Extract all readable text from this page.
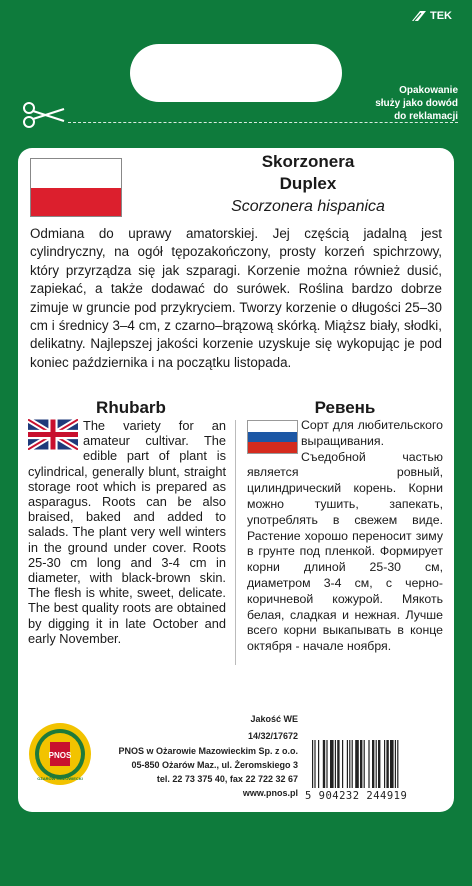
TEK
Opakowanie
służy jako dowód
do reklamacji
Skorzonera
Duplex
Scorzonera hispanica
Odmiana do uprawy amatorskiej. Jej częścią jadalną jest cylindryczny, na ogół tępozakończony, prosty korzeń spichrzowy, który przyrządza się jak szparagi. Korzenie można również dusić, zapiekać, a także dodawać do surówek. Roślina bardzo dobrze zimuje w gruncie pod przykryciem. Tworzy korzenie o długości 25–30 cm i średnicy 3–4 cm, z czarno–brązową skórką. Miąższ biały, słodki, delikatny. Najlepszej jakości korzenie uzyskuje się wykopując je pod koniec października i na początku listopada.
Rhubarb	Ревень
The variety for an amateur cultivar. The edible part of plant is cylindrical, generally blunt, straight storage root which is prepared as asparagus. Roots can be also braised, baked and added to salads. The plant very well winters in the ground under cover. Roots 25-30 cm long and 3-4 cm in diameter, with black-brown skin. The flesh is white, sweet, delicate. The best quality roots are obtained by digging it in late October and early November.
Сорт для любительского выращивания. Съедобной частью является ровный, цилиндрический корень. Корни можно тушить, запекать, употреблять в свежем виде. Растение хорошо переносит зиму в грунте под пленкой. Формирует корни длиной 25-30 см, диаметром 3-4 см, с черно-коричневой кожурой. Мякоть белая, сладкая и нежная. Лучше всего корни выкапывать в конце октября - начале ноября.
PNOS
OŻARÓW MAZOWIECKI
Jakość WE
14/32/17672
PNOS w Ożarowie Mazowieckim Sp. z o.o.
05-850 Ożarów Maz., ul. Żeromskiego 3
tel. 22 73 375 40, fax 22 722 32 67
www.pnos.pl 5 904232 244919
